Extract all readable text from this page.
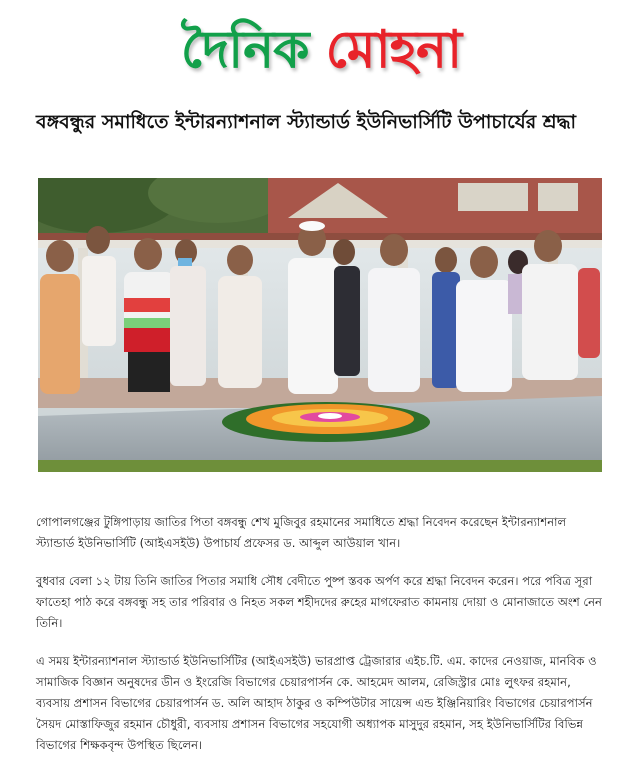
দৈনিক মোহনা
বঙ্গবন্ধুর সমাধিতে ইন্টারন্যাশনাল স্ট্যান্ডার্ড ইউনিভার্সিটি উপাচার্যের শ্রদ্ধা

গোপালগঞ্জের টুঙ্গিপাড়ায় জাতির পিতা বঙ্গবন্ধু শেখ মুজিবুর রহমানের সমাধিতে শ্রদ্ধা নিবেদন করেছেন ইন্টারন্যাশনাল স্ট্যান্ডার্ড ইউনিভার্সিটি (আইএসইউ) উপাচার্য প্রফেসর ড. আব্দুল আউয়াল খান।

বুধবার বেলা ১২ টায় তিনি জাতির পিতার সমাধি সৌধ বেদীতে পুষ্প স্তবক অর্পণ করে শ্রদ্ধা নিবেদন করেন। পরে পবিত্র সূরা ফাতেহা পাঠ করে বঙ্গবন্ধু সহ তার পরিবার ও নিহত সকল শহীদদের রুহের মাগফেরাত কামনায় দোয়া ও মোনাজাতে অংশ নেন তিনি।

এ সময় ইন্টারন্যাশনাল স্ট্যান্ডার্ড ইউনিভার্সিটির (আইএসইউ) ভারপ্রাপ্ত ট্রেজারার এইচ.টি. এম. কাদের নেওয়াজ, মানবিক ও সামাজিক বিজ্ঞান অনুষদের ডীন ও ইংরেজি বিভাগের চেয়ারপার্সন কে. আহমেদ আলম, রেজিস্ট্রার মোঃ লুৎফর রহমান, ব্যবসায় প্রশাসন বিভাগের চেয়ারপার্সন ড. অলি আহাদ ঠাকুর ও কম্পিউটার সায়েন্স এন্ড ইঞ্জিনিয়ারিং বিভাগের চেয়ারপার্সন সৈয়দ মোস্তাফিজুর রহমান চৌধুরী, ব্যবসায় প্রশাসন বিভাগের সহযোগী অধ্যাপক মাসুদুর রহমান, সহ ইউনিভার্সিটির বিভিন্ন বিভাগের শিক্ষকবৃন্দ উপস্থিত ছিলেন।
